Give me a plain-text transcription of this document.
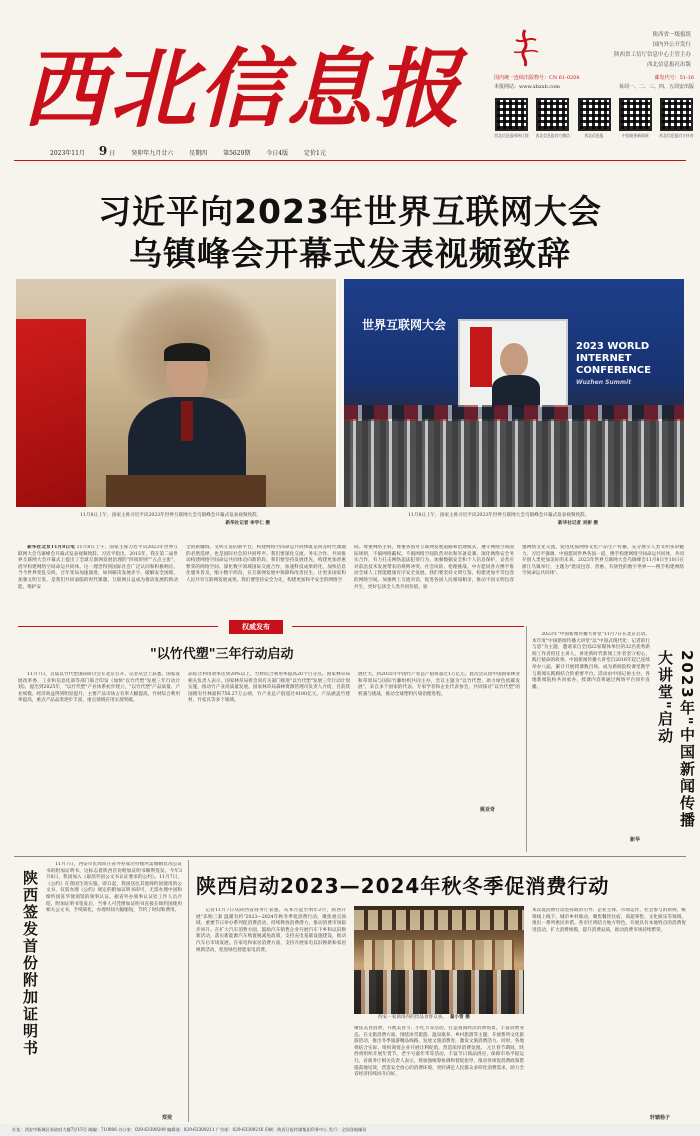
西北信息报
陕西省一级报纸
国内外公开发行
陕西省工信厅信息中心主管主办
西北信息报社出版
国内统一连续出版物号：CN 61-0208	邮发代号：51-16
本报网站：www.xbxxb.com	每周一、二、三、四、五周安出版
西北信息报网络订阅 西北信息报官方微信	西北信息报	中国商务新闻网	西北信息报官方抖音
2023年11月 9 日	癸卯年九月廿六	星期四	第5629期	今日4版	定价1元
习近平向2023年世界互联网大会
乌镇峰会开幕式发表视频致辞
世界互联网大会
2023 WORLD INTERNET CONFERENCE
Wuzhen Summit
11月8日上午，国家主席习近平向2023年世界互联网大会乌镇峰会开幕式发表视频致辞。
新华社记者 李学仁 摄
11月8日上午，国家主席习近平向2023年世界互联网大会乌镇峰会开幕式发表视频致辞。
新华社记者 刘彬 摄

新华社北京11月8日电 11月8日上午，国家主席习近平向2023年世界互联网大会乌镇峰会开幕式发表视频致辞。习近平指出，2015年，我在第二届世界互联网大会开幕式上提出了全球互联网发展治理的"四项原则""五点主张"，倡导构建网络空间命运共同体。这一理念得到国际社会广泛认同和积极响应。当今世界变乱交织，百年变局加速演进，如何解决发展赤字、破解安全困境、加强文明互鉴，是我们共同面临的时代课题。互联网日益成为推动发展的新动能、维护安

全的新疆域、文明互鉴的新平台，构建网络空间命运共同体既是回答时代课题的必然选择，也是国际社会的共同呼声。我们要深化交流、务实合作，共同推动构建网络空间命运共同体迈向新阶段。我们要坚持发展优先，构建更加普惠繁荣的网络空间。深化数字领域国际交流合作，加速科技成果转化，加快信息化服务普及，缩小数字鸿沟，在互联网发展中保障和改善民生，让更多国家和人民共享互联网发展成果。我们要坚持安全为先，构建更加和平安全的网络空
间。尊重网络主权，尊重各国对互联网发展道路和治理模式、遵守网络空间国际规则，不搞网络霸权。不搞网络空间阵营对抗和军备竞赛。深化网络安全务实合作，有力打击网络违法犯罪行为，加强数据安全和个人信息保护，妥善应对前沿技术发展带来的规则冲突、社会风险、伦理挑战。中方愿同各方携手推动全球人工智能健康有序安全发展。我们要坚持文明互鉴，构建更加平等包容的网络空间。加强网上交流对话，促进各国人民相知相亲，推动不同文明包容共生，更好弘扬全人类共同价值，加
强网络文化交流，促进优质网络文化产品生产传播，充分展示人类文明多彩魅力。习近平强调，中国愿同世界各国一道，携手构建网络空间命运共同体，共同开创人类更加美好的未来。2023年世界互联网大会乌镇峰会11月8日至10日在浙江乌镇举行，主题为"建设包容、普惠、有韧性的数字世界——携手构建网络空间命运共同体"。
权威发布
"以竹代塑"三年行动启动

11月7日，首届以竹代塑国际研讨会在北京召开。记者从会上获悉，国家发展改革委、工业和信息化部等部门联合印发《加快"以竹代塑"发展三年行动计划》，提出到2025年，"以竹代塑"产业体系初步建立，"以竹代塑"产品质量、产业规模、经济效益得到明显提升，主要产品市场占有率大幅提高。竹材综合利用率提高，重点产品品类逐步丰富，重点领域应用实现突破。

品综合利用效率达到20%以上，竹材综合利用率提高20个百分点。国家林草局相关负责人表示，国家林草局将会同有关部门推进"以竹代塑"发展三年行动计划实施，推动竹产业高质量发展。国家林草局森林资源管理司负责人介绍，目前我国拥有竹林面积756.27万公顷，竹产业总产值超过4100亿元，产品涵盖竹建材、竹家具等多个领域。
展壮大，到2035年中国竹产业总产值将超过1万亿元。此次会议由中国国家林业和草原局与国际竹藤组织共同主办，会议主题为"以竹代塑，助力绿色低碳发展"，来自多个国家的代表、专家学者和企业代表参会，共同探讨"以竹代塑"的机遇与挑战，推动全球塑料污染治理进程。
姚亚奇

2023年"中国新闻传播大讲堂"11月7日在北京启动。本年度"中国新闻传播大讲堂"以"中国式现代化：记者的行与思"为主题，邀请来自全国22家媒体单位的32名优秀新闻工作者担任主讲人，讲述新时代新闻工作者坚守初心、践行使命的故事。中国新闻传播大讲堂自2016年起已连续举办八届，累计开展授课数百场，成为新闻院校课堂教学与新闻实践相结合的重要平台。活动由中国记协主办，各地新闻院校共同承办，授课内容将通过网络平台同步直播。	2023年"中国新闻传播大讲堂"启动
新华
陕西签发首份附加证明书

11月7日，西安市民周同在省外办成功办理所需婚姻状况公证书的附加证明书，这标志着陕西首份附加证明书顺利签发。今年3月8日，我国加入《取消外国公文书认证要求的公约》。11月7日，《公约》在我国生效实施。即日起，我国送往其他缔约国使用的公文书，仅需办理《公约》规定的附加证明书即可，无需办理中国和缔约国驻华使领馆的领事认证。据省外办领事认证处工作人员介绍，附加证明书签发后，当事人可凭附加证明书直接在缔约国使用相关公文书，手续简化，办理时间大幅缩短，节约了时间和费用。

郑斐
陕西启动2023—2024年秋冬季促消费行动

记者11月7日从陕西省商务厅获悉，从本月起至明年2月，陕西开展"乐购三秦 温暖有约"2023—2024年秋冬季促消费行动，聚焦重点领域、重要节日举办系列促消费活动，持续释放消费潜力，推动消费市场稳步回升。在扩大汽车消费方面，鼓励汽车销售企业开展汽车下乡和以旧换新活动，落实新能源汽车购置税减免政策，支持充电基础设施建设，推动汽车后市场发展。在家电和家居消费方面，支持开展家电以旧换新和家居焕新活动，促进绿色智能家电消费。

西安一家商场内的饮品食客众多。 翟小雪 摄
聚焦美食消费，开展美食节、小吃节等活动，打造夜间经济消费场景，丰富消费业态。在文旅消费方面，围绕冰雪旅游、温泉康养、乡村旅游等主题，开展系列文化旅游活动，推出冬季旅游精品线路，发放文旅消费券，激发文旅消费活力。同时，各地将结合实际，组织商贸企业开展让利促销，营造浓厚消费氛围。 元旦春节期间，陕西将组织开展年货节、老字号嘉年华等活动，丰富节日商品供应，保障市场平稳运行。省商务厅相关负责人表示，将加强统筹协调和督促指导，推动各项促消费政策措施落地见效，营造安全放心的消费环境，更好满足人民群众多样化消费需求，助力全省经济持续回升向好。
本次促消费行动坚持政府引导、企业主体、市场运作、社会参与的原则，统筹线上线下，城市乡村联动，聚焦餐饮住宿、商超零售、文化娱乐等领域，推出一系列惠民举措。各市区将结合地方特色，开展具有本地特点的消费促进活动，扩大消费规模，提升消费品质，推动消费市场持续繁荣。
轩辕杨子
社址：西安市新城区省政府大楼7层15号 邮编：710006 办公室：029-63309209 编辑部：029-63309211 广告部：029-63309216 印刷：陕西日报传媒集团印务中心 发行：全国各地邮局
